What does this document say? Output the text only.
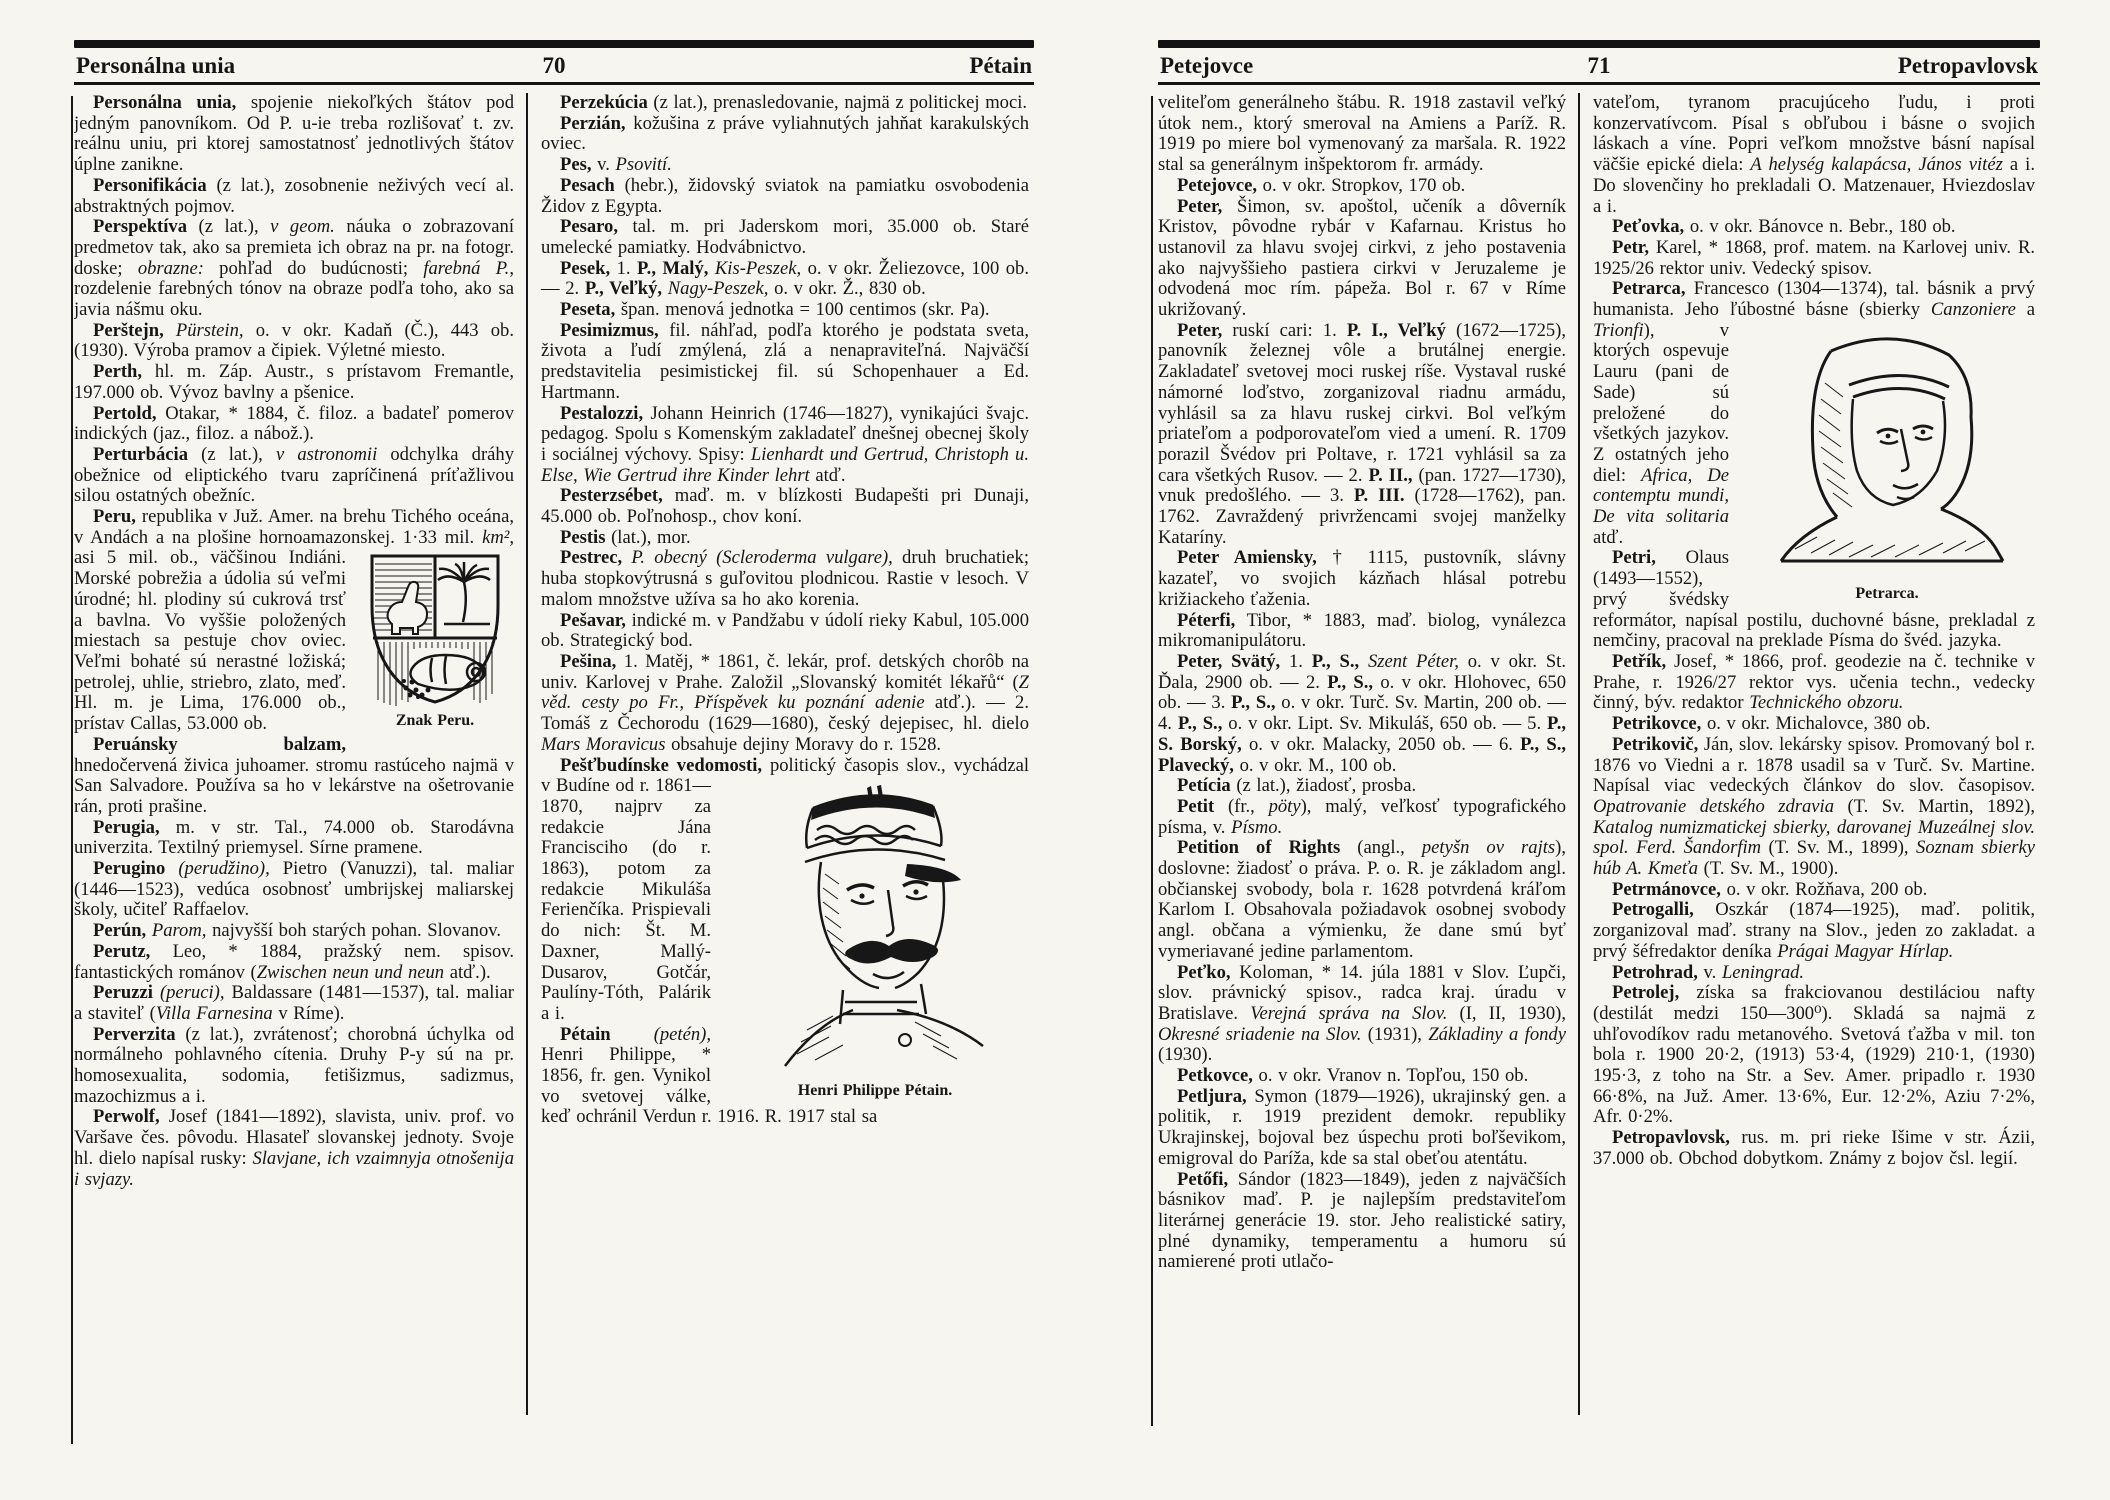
Personálna unia	70	Pétain

Personálna unia, spojenie niekoľkých štátov pod jedným panovníkom. Od P. u-ie treba rozlišovať t. zv. reálnu uniu, pri ktorej samostatnosť jednotlivých štátov úplne zanikne.

Personifikácia (z lat.), zosobnenie neživých vecí al. abstraktných pojmov.

Perspektíva (z lat.), v geom. náuka o zobrazovaní predmetov tak, ako sa premieta ich obraz na pr. na fotogr. doske; obrazne: pohľad do budúcnosti; farebná P., rozdelenie farebných tónov na obraze podľa toho, ako sa javia nášmu oku.

Perštejn, Pürstein, o. v okr. Kadaň (Č.), 443 ob. (1930). Výroba pramov a čipiek. Výletné miesto.

Perth, hl. m. Záp. Austr., s prístavom Fremantle, 197.000 ob. Vývoz bavlny a pšenice.

Pertold, Otakar, * 1884, č. filoz. a badateľ pomerov indických (jaz., filoz. a nábož.).

Perturbácia (z lat.), v astronomii odchylka dráhy obežnice od eliptického tvaru zapríčinená príťažlivou silou ostatných obežníc.

Peru, republika v Juž. Amer. na brehu Tichého oceána, v Andách a na plošine hornoamazonskej.
Znak Peru.
1·33 mil. km², asi 5 mil. ob., väčšinou Indiáni. Morské pobrežia a údolia sú veľmi úrodné; hl. plodiny sú cukrová trsť a bavlna. Vo vyššie položených miestach sa pestuje chov oviec. Veľmi bohaté sú nerastné ložiská; petrolej, uhlie, striebro, zlato, meď. Hl. m. je Lima, 176.000 ob., prístav Callas, 53.000 ob.

Peruánsky balzam, hnedočervená živica juhoamer. stromu rastúceho najmä v San Salvadore. Používa sa ho v lekárstve na ošetrovanie rán, proti prašine.

Perugia, m. v str. Tal., 74.000 ob. Starodávna univerzita. Textilný priemysel. Sírne pramene.

Perugino (perudžino), Pietro (Vanuzzi), tal. maliar (1446—1523), vedúca osobnosť umbrijskej maliarskej školy, učiteľ Raffaelov.

Perún, Parom, najvyšší boh starých pohan. Slovanov.

Perutz, Leo, * 1884, pražský nem. spisov. fantastických románov (Zwischen neun und neun atď.).

Peruzzi (peruci), Baldassare (1481—1537), tal. maliar a staviteľ (Villa Farnesina v Ríme).

Perverzita (z lat.), zvrátenosť; chorobná úchylka od normálneho pohlavného cítenia. Druhy P-y sú na pr. homosexualita, sodomia, fetišizmus, sadizmus, mazochizmus a i.

Perwolf, Josef (1841—1892), slavista, univ. prof. vo Varšave čes. pôvodu. Hlasateľ slovanskej jednoty. Svoje hl. dielo napísal rusky: Slavjane, ich vzaimnyja otnošenija i svjazy.

Perzekúcia (z lat.), prenasledovanie, najmä z politickej moci.

Perzián, kožušina z práve vyliahnutých jahňat karakulských oviec.

Pes, v. Psovití.

Pesach (hebr.), židovský sviatok na pamiatku osvobodenia Židov z Egypta.

Pesaro, tal. m. pri Jaderskom mori, 35.000 ob. Staré umelecké pamiatky. Hodvábnictvo.

Pesek, 1. P., Malý, Kis-Peszek, o. v okr. Želiezovce, 100 ob. — 2. P., Veľký, Nagy-Peszek, o. v okr. Ž., 830 ob.

Peseta, špan. menová jednotka = 100 centimos (skr. Pa).

Pesimizmus, fil. náhľad, podľa ktorého je podstata sveta, života a ľudí zmýlená, zlá a nenapraviteľná. Najväčší predstavitelia pesimistickej fil. sú Schopenhauer a Ed. Hartmann.

Pestalozzi, Johann Heinrich (1746—1827), vynikajúci švajc. pedagog. Spolu s Komenským zakladateľ dnešnej obecnej školy i sociálnej výchovy. Spisy: Lienhardt und Gertrud, Christoph u. Else, Wie Gertrud ihre Kinder lehrt atď.

Pesterzsébet, maď. m. v blízkosti Budapešti pri Dunaji, 45.000 ob. Poľnohosp., chov koní.

Pestis (lat.), mor.

Pestrec, P. obecný (Scleroderma vulgare), druh bruchatiek; huba stopkovýtrusná s guľovitou plodnicou. Rastie v lesoch. V malom množstve užíva sa ho ako korenia.

Pešavar, indické m. v Pandžabu v údolí rieky Kabul, 105.000 ob. Strategický bod.

Pešina, 1. Matěj, * 1861, č. lekár, prof. detských chorôb na univ. Karlovej v Prahe. Založil „Slovanský komitét lékařů“ (Z věd. cesty po Fr., Příspěvek ku poznání adenie atď.). — 2. Tomáš z Čechorodu (1629—1680), český dejepisec, hl. dielo Mars Moravicus obsahuje dejiny Moravy do r. 1528.

Pešťbudínske vedomosti, politický časopis slov., vychádzal v Budíne od r. 1861—
Henri Philippe Pétain.
1870, najprv za redakcie Jána Francisciho (do r. 1863), potom za redakcie Mikuláša Ferienčíka. Prispievali do nich: Št. M. Daxner, Mallý-Dusarov, Gotčár, Paulíny-Tóth, Palárik a i.

Pétain (petén), Henri Philippe, * 1856, fr. gen. Vynikol vo svetovej válke, keď ochránil Verdun r. 1916. R. 1917 stal sa

Petejovce	71	Petropavlovsk

veliteľom generálneho štábu. R. 1918 zastavil veľký útok nem., ktorý smeroval na Amiens a Paríž. R. 1919 po miere bol vymenovaný za maršala. R. 1922 stal sa generálnym inšpektorom fr. armády.

Petejovce, o. v okr. Stropkov, 170 ob.

Peter, Šimon, sv. apoštol, učeník a dôverník Kristov, pôvodne rybár v Kafarnau. Kristus ho ustanovil za hlavu svojej cirkvi, z jeho postavenia ako najvyššieho pastiera cirkvi v Jeruzaleme je odvodená moc rím. pápeža. Bol r. 67 v Ríme ukrižovaný.

Peter, ruskí cari: 1. P. I., Veľký (1672—1725), panovník železnej vôle a brutálnej energie. Zakladateľ svetovej moci ruskej ríše. Vystaval ruské námorné loďstvo, zorganizoval riadnu armádu, vyhlásil sa za hlavu ruskej cirkvi. Bol veľkým priateľom a podporovateľom vied a umení. R. 1709 porazil Švédov pri Poltave, r. 1721 vyhlásil sa za cara všetkých Rusov. — 2. P. II., (pan. 1727—1730), vnuk predošlého. — 3. P. III. (1728—1762), pan. 1762. Zavraždený privržencami svojej manželky Kataríny.

Peter Amiensky, † 1115, pustovník, slávny kazateľ, vo svojich kázňach hlásal potrebu križiackeho ťaženia.

Péterfi, Tibor, * 1883, maď. biolog, vynálezca mikromanipulátoru.

Peter, Svätý, 1. P., S., Szent Péter, o. v okr. St. Ďala, 2900 ob. — 2. P., S., o. v okr. Hlohovec, 650 ob. — 3. P., S., o. v okr. Turč. Sv. Martin, 200 ob. — 4. P., S., o. v okr. Lipt. Sv. Mikuláš, 650 ob. — 5. P., S. Borský, o. v okr. Malacky, 2050 ob. — 6. P., S., Plavecký, o. v okr. M., 100 ob.

Petícia (z lat.), žiadosť, prosba.

Petit (fr., pöty), malý, veľkosť typografického písma, v. Písmo.

Petition of Rights (angl., petyšn ov rajts), doslovne: žiadosť o práva. P. o. R. je základom angl. občianskej svobody, bola r. 1628 potvrdená kráľom Karlom I. Obsahovala požiadavok osobnej svobody angl. občana a výmienku, že dane smú byť vymeriavané jedine parlamentom.

Peťko, Koloman, * 14. júla 1881 v Slov. Ľupči, slov. právnický spisov., radca kraj. úradu v Bratislave. Verejná správa na Slov. (I, II, 1930), Okresné sriadenie na Slov. (1931), Základiny a fondy (1930).

Petkovce, o. v okr. Vranov n. Topľou, 150 ob.

Petljura, Symon (1879—1926), ukrajinský gen. a politik, r. 1919 prezident demokr. republiky Ukrajinskej, bojoval bez úspechu proti boľševikom, emigroval do Paríža, kde sa stal obeťou atentátu.

Petőfi, Sándor (1823—1849), jeden z najväčších básnikov maď. P. je najlepším predstaviteľom literárnej generácie 19. stor. Jeho realistické satiry, plné dynamiky, temperamentu a humoru sú namierené proti utlačo-

vateľom, tyranom pracujúceho ľudu, i proti konzervatívcom. Písal s obľubou i básne o svojich láskach a víne. Popri veľkom množstve básní napísal väčšie epické diela: A helység kalapácsa, János vitéz a i. Do slovenčiny ho prekladali O. Matzenauer, Hviezdoslav a i.

Peťovka, o. v okr. Bánovce n. Bebr., 180 ob.

Petr, Karel, * 1868, prof. matem. na Karlovej univ. R. 1925/26 rektor univ. Vedecký spisov.

Petrarca, Francesco (1304—1374), tal. básnik a prvý humanista. Jeho ľúbostné básne
Petrarca.
(sbierky Canzoniere a Trionfi), v ktorých ospevuje Lauru (pani de Sade) sú preložené do všetkých jazykov. Z ostatných jeho diel: Africa, De contemptu mundi, De vita solitaria atď.

Petri, Olaus (1493—1552), prvý švédsky reformátor, napísal postilu, duchovné básne, prekladal z nemčiny, pracoval na preklade Písma do švéd. jazyka.

Petřík, Josef, * 1866, prof. geodezie na č. technike v Prahe, r. 1926/27 rektor vys. učenia techn., vedecky činný, býv. redaktor Technického obzoru.

Petrikovce, o. v okr. Michalovce, 380 ob.

Petrikovič, Ján, slov. lekársky spisov. Promovaný bol r. 1876 vo Viedni a r. 1878 usadil sa v Turč. Sv. Martine. Napísal viac vedeckých článkov do slov. časopisov. Opatrovanie detského zdravia (T. Sv. Martin, 1892), Katalog numizmatickej sbierky, darovanej Muzeálnej slov. spol. Ferd. Šandorfim (T. Sv. M., 1899), Soznam sbierky húb A. Kmeťa (T. Sv. M., 1900).

Petrmánovce, o. v okr. Rožňava, 200 ob.

Petrogalli, Oszkár (1874—1925), maď. politik, zorganizoval maď. strany na Slov., jeden zo zakladat. a prvý šéfredaktor deníka Prágai Magyar Hírlap.

Petrohrad, v. Leningrad.

Petrolej, získa sa frakciovanou destiláciou nafty (destilát medzi 150—300⁰). Skladá sa najmä z uhľovodíkov radu metanového. Svetová ťažba v mil. ton bola r. 1900 20·2, (1913) 53·4, (1929) 210·1, (1930) 195·3, z toho na Str. a Sev. Amer. pripadlo r. 1930 66·8%, na Juž. Amer. 13·6%, Eur. 12·2%, Aziu 7·2%, Afr. 0·2%.

Petropavlovsk, rus. m. pri rieke Išime v str. Ázii, 37.000 ob. Obchod dobytkom. Známy z bojov čsl. legií.
